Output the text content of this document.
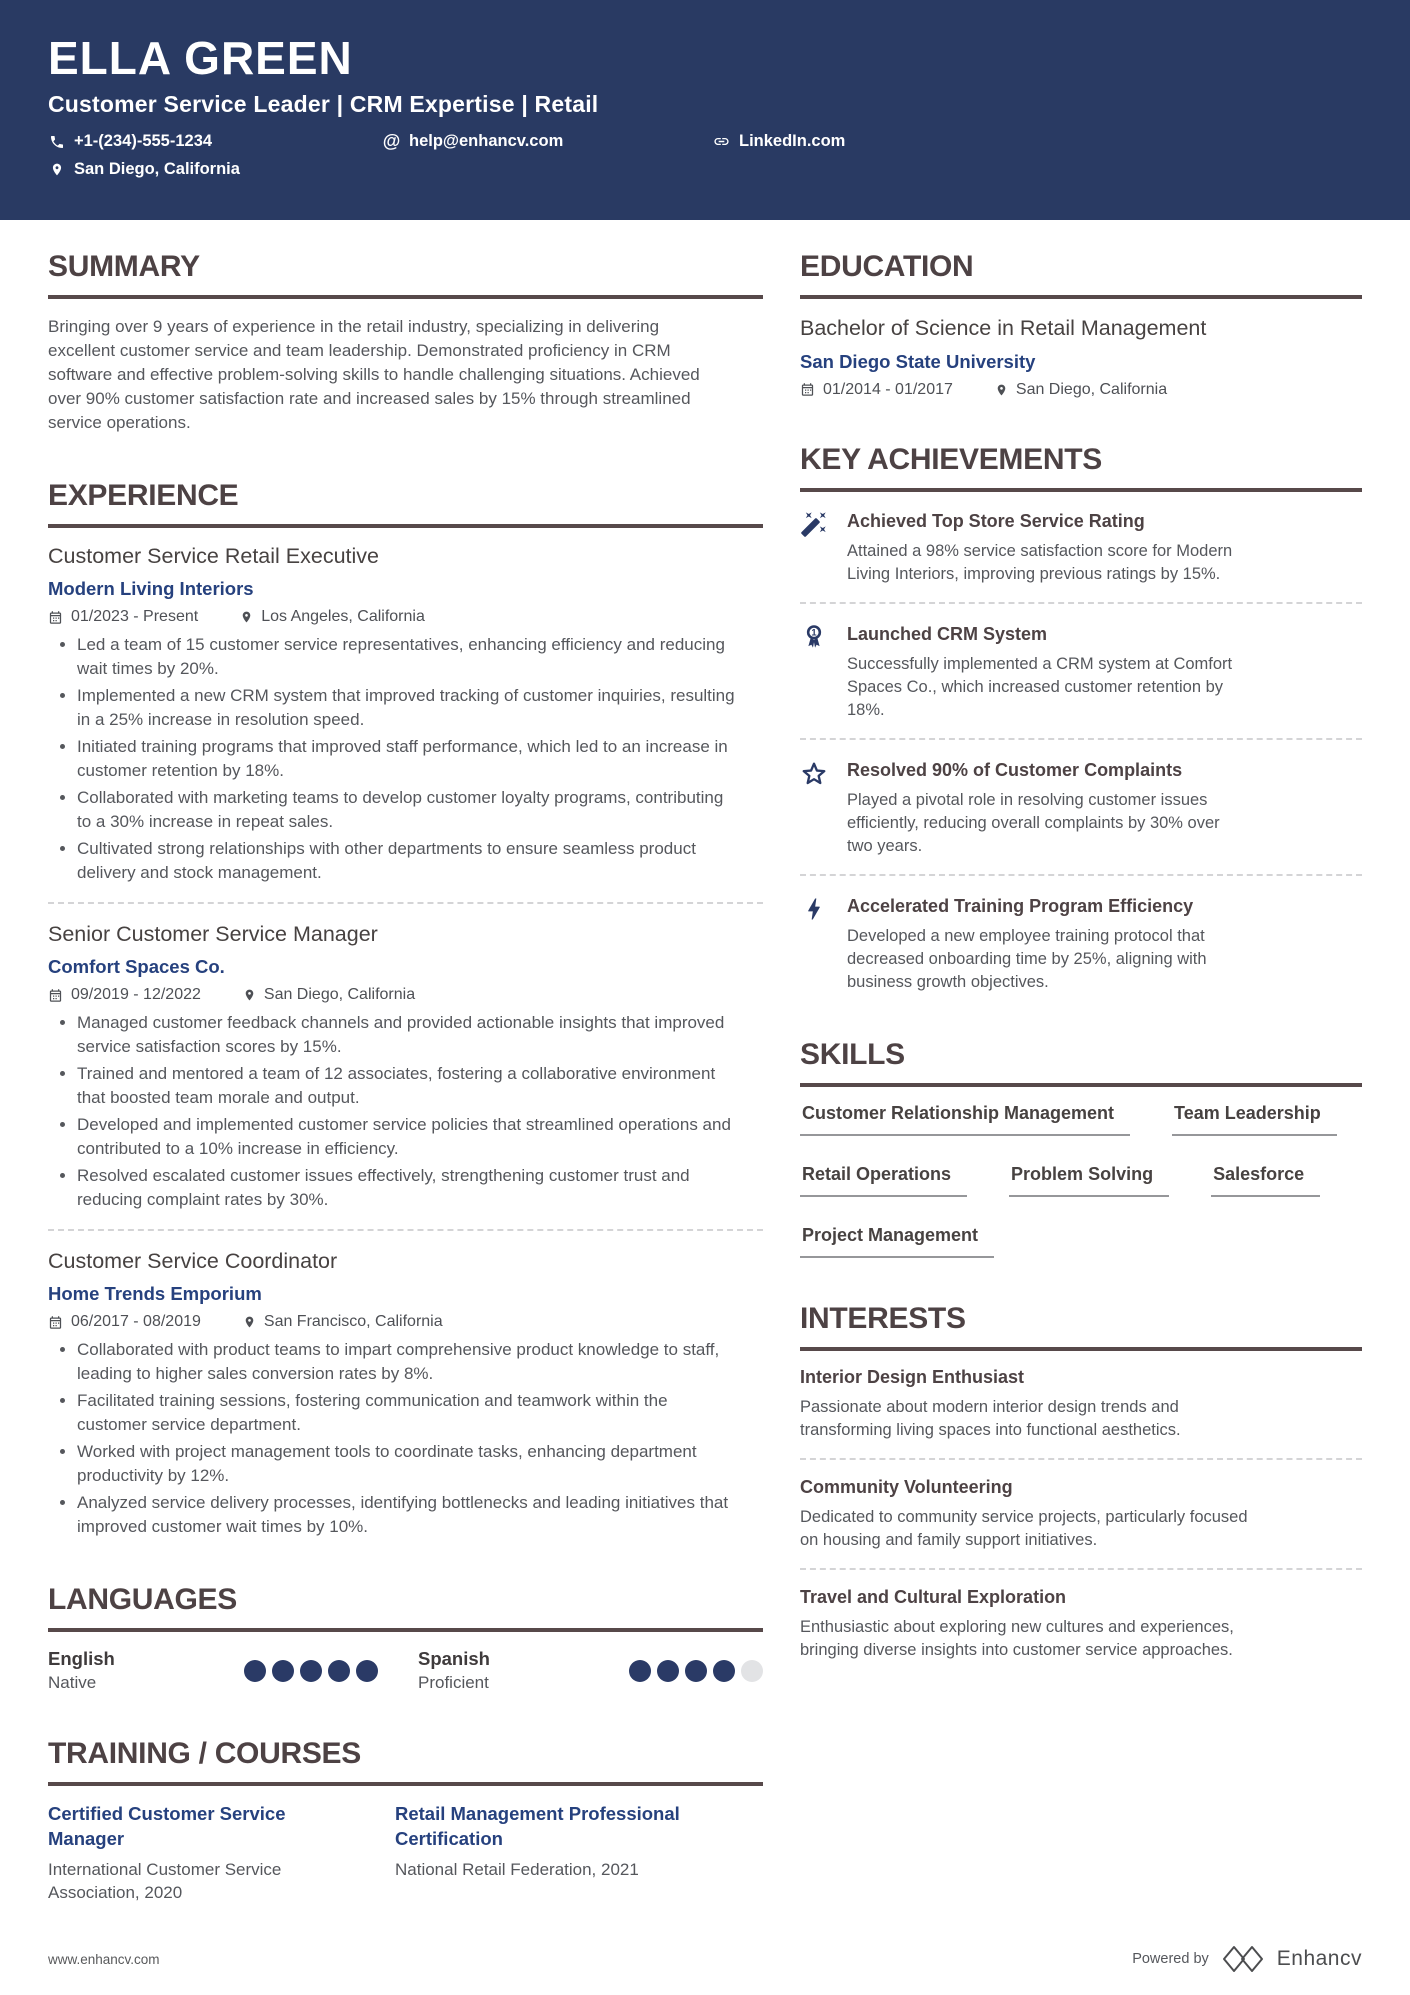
ELLA GREEN
Customer Service Leader | CRM Expertise | Retail
+1-(234)-555-1234	@ help@enhancv.com	LinkedIn.com
San Diego, California
SUMMARY
Bringing over 9 years of experience in the retail industry, specializing in delivering excellent customer service and team leadership. Demonstrated proficiency in CRM software and effective problem-solving skills to handle challenging situations. Achieved over 90% customer satisfaction rate and increased sales by 15% through streamlined service operations.
EXPERIENCE
Customer Service Retail Executive
Modern Living Interiors
01/2023 - Present	Los Angeles, California
• Led a team of 15 customer service representatives, enhancing efficiency and reducing wait times by 20%.
• Implemented a new CRM system that improved tracking of customer inquiries, resulting in a 25% increase in resolution speed.
• Initiated training programs that improved staff performance, which led to an increase in customer retention by 18%.
• Collaborated with marketing teams to develop customer loyalty programs, contributing to a 30% increase in repeat sales.
• Cultivated strong relationships with other departments to ensure seamless product delivery and stock management.
Senior Customer Service Manager
Comfort Spaces Co.
09/2019 - 12/2022	San Diego, California
• Managed customer feedback channels and provided actionable insights that improved service satisfaction scores by 15%.
• Trained and mentored a team of 12 associates, fostering a collaborative environment that boosted team morale and output.
• Developed and implemented customer service policies that streamlined operations and contributed to a 10% increase in efficiency.
• Resolved escalated customer issues effectively, strengthening customer trust and reducing complaint rates by 30%.
Customer Service Coordinator
Home Trends Emporium
06/2017 - 08/2019	San Francisco, California
• Collaborated with product teams to impart comprehensive product knowledge to staff, leading to higher sales conversion rates by 8%.
• Facilitated training sessions, fostering communication and teamwork within the customer service department.
• Worked with project management tools to coordinate tasks, enhancing department productivity by 12%.
• Analyzed service delivery processes, identifying bottlenecks and leading initiatives that improved customer wait times by 10%.
LANGUAGES
English
Native
Spanish
Proficient
TRAINING / COURSES
Certified Customer Service Manager
International Customer Service Association, 2020
Retail Management Professional Certification
National Retail Federation, 2021
EDUCATION
Bachelor of Science in Retail Management
San Diego State University
01/2014 - 01/2017	San Diego, California
KEY ACHIEVEMENTS
Achieved Top Store Service Rating
Attained a 98% service satisfaction score for Modern Living Interiors, improving previous ratings by 15%.
1 Launched CRM System
Successfully implemented a CRM system at Comfort Spaces Co., which increased customer retention by 18%.
Resolved 90% of Customer Complaints
Played a pivotal role in resolving customer issues efficiently, reducing overall complaints by 30% over two years.
Accelerated Training Program Efficiency
Developed a new employee training protocol that decreased onboarding time by 25%, aligning with business growth objectives.
SKILLS
Customer Relationship Management	Team Leadership
Retail Operations	Problem Solving	Salesforce
Project Management
INTERESTS
Interior Design Enthusiast
Passionate about modern interior design trends and transforming living spaces into functional aesthetics.
Community Volunteering
Dedicated to community service projects, particularly focused on housing and family support initiatives.
Travel and Cultural Exploration
Enthusiastic about exploring new cultures and experiences, bringing diverse insights into customer service approaches.
www.enhancv.com	Powered by	Enhancv
